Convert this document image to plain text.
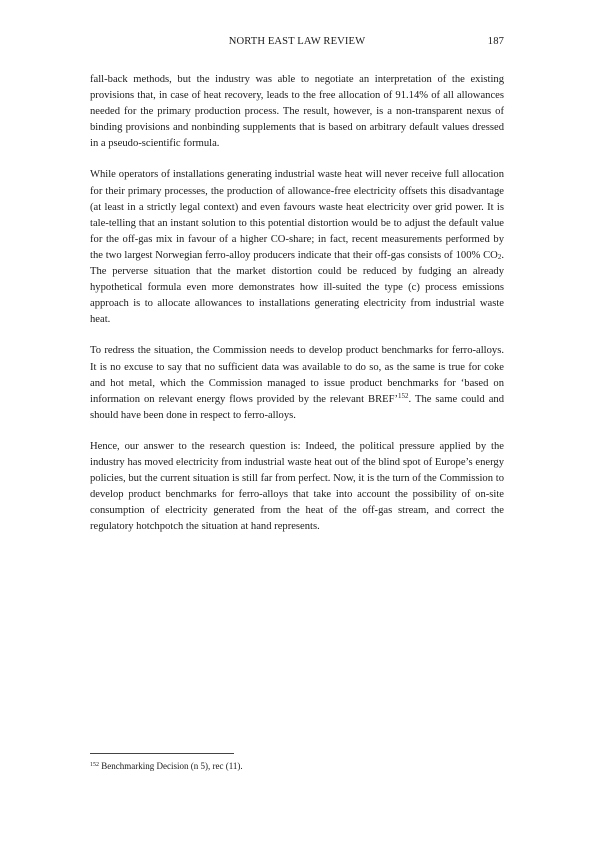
NORTH EAST LAW REVIEW	187

fall-back methods, but the industry was able to negotiate an interpretation of the existing provisions that, in case of heat recovery, leads to the free allocation of 91.14% of all allowances needed for the primary production process. The result, however, is a non-transparent nexus of binding provisions and nonbinding supplements that is based on arbitrary default values dressed in a pseudo-scientific formula.

While operators of installations generating industrial waste heat will never receive full allocation for their primary processes, the production of allowance-free electricity offsets this disadvantage (at least in a strictly legal context) and even favours waste heat electricity over grid power. It is tale-telling that an instant solution to this potential distortion would be to adjust the default value for the off-gas mix in favour of a higher CO-share; in fact, recent measurements performed by the two largest Norwegian ferro-alloy producers indicate that their off-gas consists of 100% $CO_2$. The perverse situation that the market distortion could be reduced by fudging an already hypothetical formula even more demonstrates how ill-suited the type (c) process emissions approach is to allocate allowances to installations generating electricity from industrial waste heat.

To redress the situation, the Commission needs to develop product benchmarks for ferro-alloys. It is no excuse to say that no sufficient data was available to do so, as the same is true for coke and hot metal, which the Commission managed to issue product benchmarks for ‘based on information on relevant energy flows provided by the relevant BREF’$^{152}$. The same could and should have been done in respect to ferro-alloys.

Hence, our answer to the research question is: Indeed, the political pressure applied by the industry has moved electricity from industrial waste heat out of the blind spot of Europe’s energy policies, but the current situation is still far from perfect. Now, it is the turn of the Commission to develop product benchmarks for ferro-alloys that take into account the possibility of on-site consumption of electricity generated from the heat of the off-gas stream, and correct the regulatory hotchpotch the situation at hand represents.

$^{152}$ Benchmarking Decision (n 5), rec (11).
